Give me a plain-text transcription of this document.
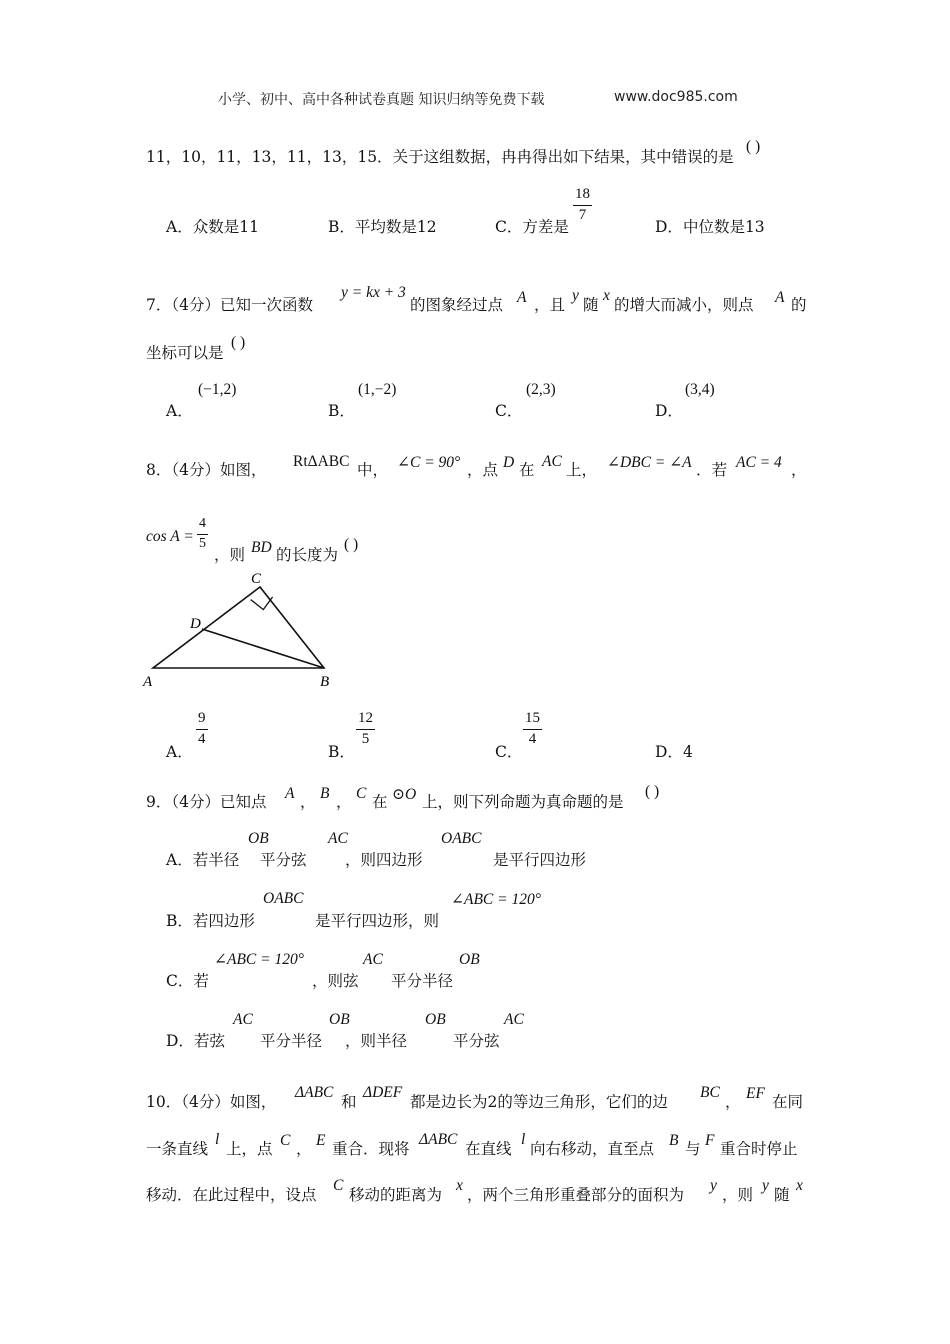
小学、初中、高中各种试卷真题 知识归纳等免费下载	www.doc985.com
11，10，11，13，11，13，15．关于这组数据，冉冉得出如下结果，其中错误的是
( )
A．众数是11	B．平均数是12	C．方差是
$\frac{18}{7}$
D．中位数是13
7．（4分）已知一次函数
y = kx + 3
的图象经过点 A ，且
y
随
x
的增大而减小，则点 A 的
坐标可以是
( )
A．
(−1,2)
B．
(1,−2)
C．
(2,3)
D．
(3,4)
8．（4分）如图， RtΔABC 中， ∠C = 90° ，点 D 在 AC 上， ∠DBC = ∠A ．若 AC = 4 ，
$\cos A = \frac{4}{5}$
，则 BD 的长度为
( )
C
D
A	B
A．
$\frac{9}{4}$
B．
$\frac{12}{5}$
C．
$\frac{15}{4}$
D．4
9．（4分）已知点 A ， B ， C 在 ⊙O 上，则下列命题为真命题的是
( )
A．若半径
OB
平分弦
AC
，则四边形
OABC
是平行四边形
B．若四边形
OABC
是平行四边形，则
∠ABC = 120°
C．若
∠ABC = 120°
，则弦
AC
平分半径
OB
D．若弦
AC
平分半径
OB
，则半径
OB
平分弦
AC
10．（4分）如图，
ΔABC
和
ΔDEF
都是边长为2的等边三角形，它们的边
BC
， EF 在同
一条直线
l
上，点 C ， E 重合．现将
ΔABC
在直线
l
向右移动，直至点 B 与 F 重合时停止
移动．在此过程中，设点
C
移动的距离为
x
，两个三角形重叠部分的面积为
y
，则
y
随
x
